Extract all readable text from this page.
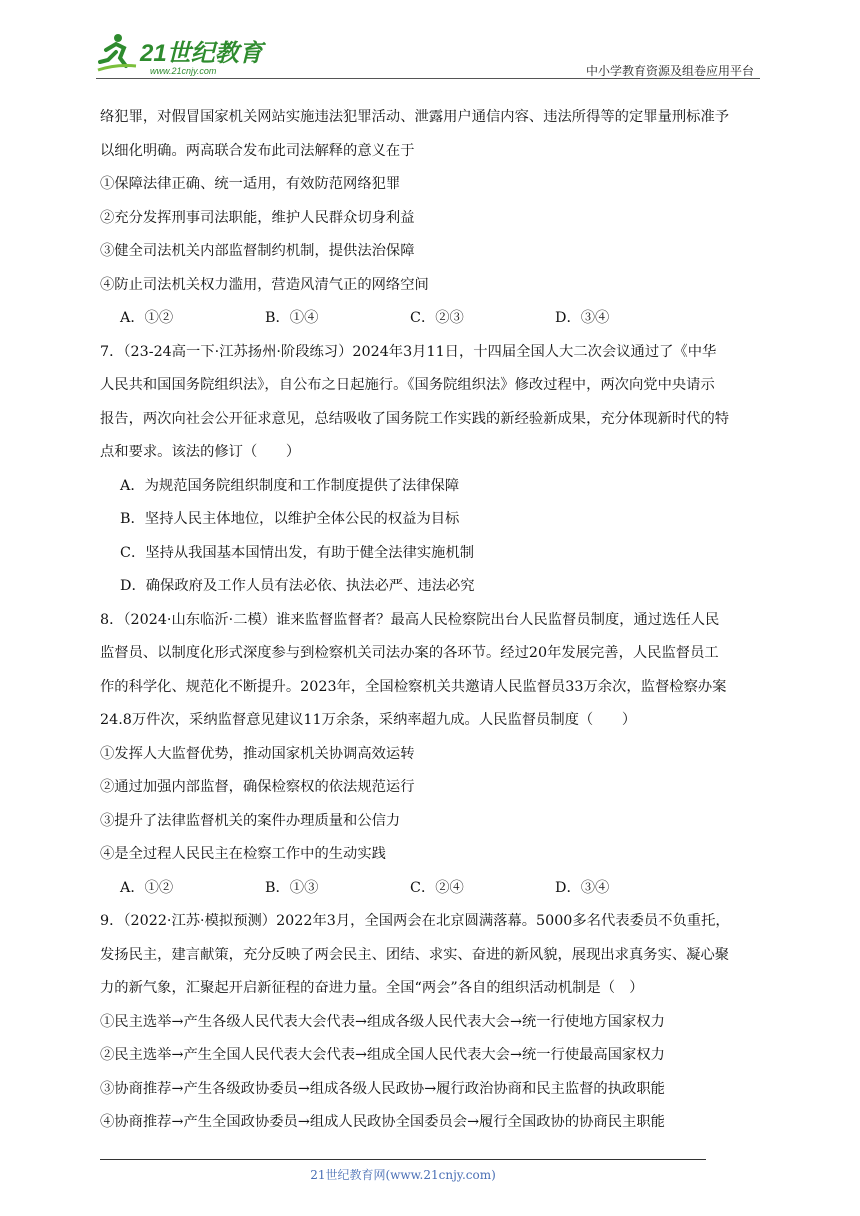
21世纪教育
www.21cnjy.com	中小学教育资源及组卷应用平台
络犯罪，对假冒国家机关网站实施违法犯罪活动、泄露用户通信内容、违法所得等的定罪量刑标准予
以细化明确。两高联合发布此司法解释的意义在于
①保障法律正确、统一适用，有效防范网络犯罪
②充分发挥刑事司法职能，维护人民群众切身利益
③健全司法机关内部监督制约机制，提供法治保障
④防止司法机关权力滥用，营造风清气正的网络空间
A．①②	B．①④	C．②③	D．③④
7．（23-24高一下·江苏扬州·阶段练习）2024年3月11日，十四届全国人大二次会议通过了《中华
人民共和国国务院组织法》，自公布之日起施行。《国务院组织法》修改过程中，两次向党中央请示
报告，两次向社会公开征求意见，总结吸收了国务院工作实践的新经验新成果，充分体现新时代的特
点和要求。该法的修订（　　）
A．为规范国务院组织制度和工作制度提供了法律保障
B．坚持人民主体地位，以维护全体公民的权益为目标
C．坚持从我国基本国情出发，有助于健全法律实施机制
D．确保政府及工作人员有法必依、执法必严、违法必究
8．（2024·山东临沂·二模）谁来监督监督者？最高人民检察院出台人民监督员制度，通过选任人民
监督员、以制度化形式深度参与到检察机关司法办案的各环节。经过20年发展完善，人民监督员工
作的科学化、规范化不断提升。2023年，全国检察机关共邀请人民监督员33万余次，监督检察办案
24.8万件次，采纳监督意见建议11万余条，采纳率超九成。人民监督员制度（　　）
①发挥人大监督优势，推动国家机关协调高效运转
②通过加强内部监督，确保检察权的依法规范运行
③提升了法律监督机关的案件办理质量和公信力
④是全过程人民民主在检察工作中的生动实践
A．①②	B．①③	C．②④	D．③④
9．（2022·江苏·模拟预测）2022年3月，全国两会在北京圆满落幕。5000多名代表委员不负重托，
发扬民主，建言献策，充分反映了两会民主、团结、求实、奋进的新风貌，展现出求真务实、凝心聚
力的新气象，汇聚起开启新征程的奋进力量。全国“两会”各自的组织活动机制是（　）
①民主选举→产生各级人民代表大会代表→组成各级人民代表大会→统一行使地方国家权力
②民主选举→产生全国人民代表大会代表→组成全国人民代表大会→统一行使最高国家权力
③协商推荐→产生各级政协委员→组成各级人民政协→履行政治协商和民主监督的执政职能
④协商推荐→产生全国政协委员→组成人民政协全国委员会→履行全国政协的协商民主职能
21世纪教育网(www.21cnjy.com)
